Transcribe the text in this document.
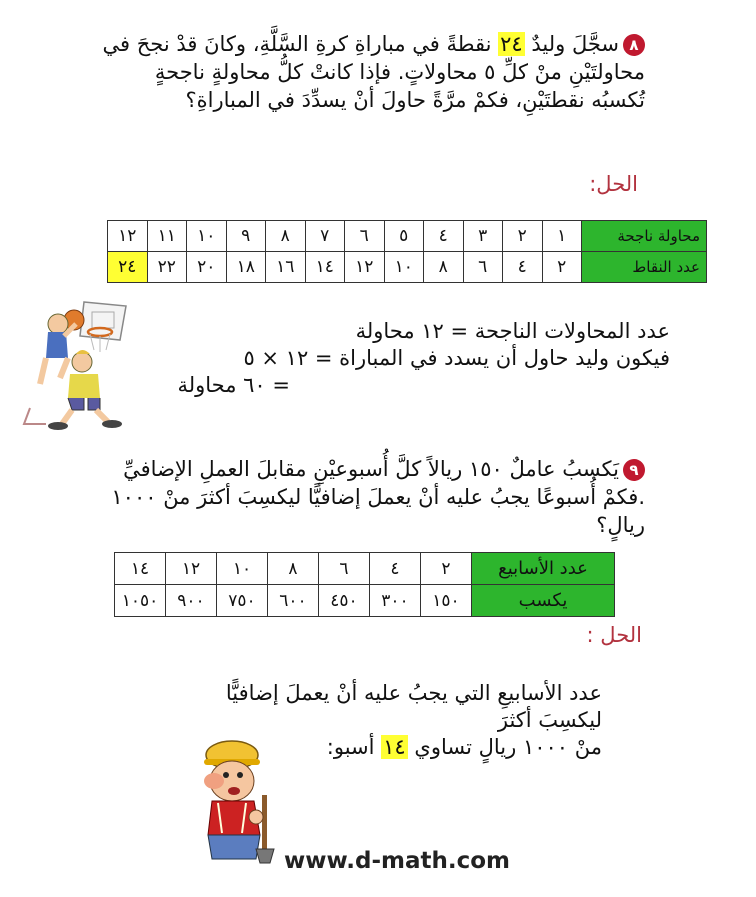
٨سجَّلَ وليدٌ ٢٤ نقطةً في مباراةِ كرةِ السَّلَّةِ، وكانَ قدْ نجحَ في محاولتَيْنِ منْ كلِّ ٥ محاولاتٍ. فإذا كانتْ كلُّ محاولةٍ ناجحةٍ تُكسبُه نقطتَيْنِ، فكمْ مرَّةً حاولَ أنْ يسدِّدَ في المباراةِ؟
الحل:
محاولة ناجحة	١	٢	٣	٤	٥	٦	٧	٨	٩	١٠	١١	١٢
عدد النقاط	٢	٤	٦	٨	١٠	١٢	١٤	١٦	١٨	٢٠	٢٢	٢٤
عدد المحاولات الناجحة = ١٢ محاولة
فيكون وليد حاول أن يسدد في المباراة = ١٢ × ٥
= ٦٠ محاولة
٩يَكسبُ عاملٌ ١٥٠ ريالاً كلَّ أُسبوعيْنِ مقابلَ العملِ الإضافيِّ .فكمْ أُسبوعًا يجبُ عليه أنْ يعملَ إضافيًّا ليكسِبَ أكثرَ منْ ١٠٠٠ ريالٍ؟
عدد الأسابيع	٢	٤	٦	٨	١٠	١٢	١٤
يكسب	١٥٠	٣٠٠	٤٥٠	٦٠٠	٧٥٠	٩٠٠	١٠٥٠
الحل :
عدد الأسابيعِ التي يجبُ عليه أنْ يعملَ إضافيًّا
ليكسِبَ أكثرَ
منْ ١٠٠٠ ريالٍ تساوي ١٤ أسبو:
www.d-math.com
